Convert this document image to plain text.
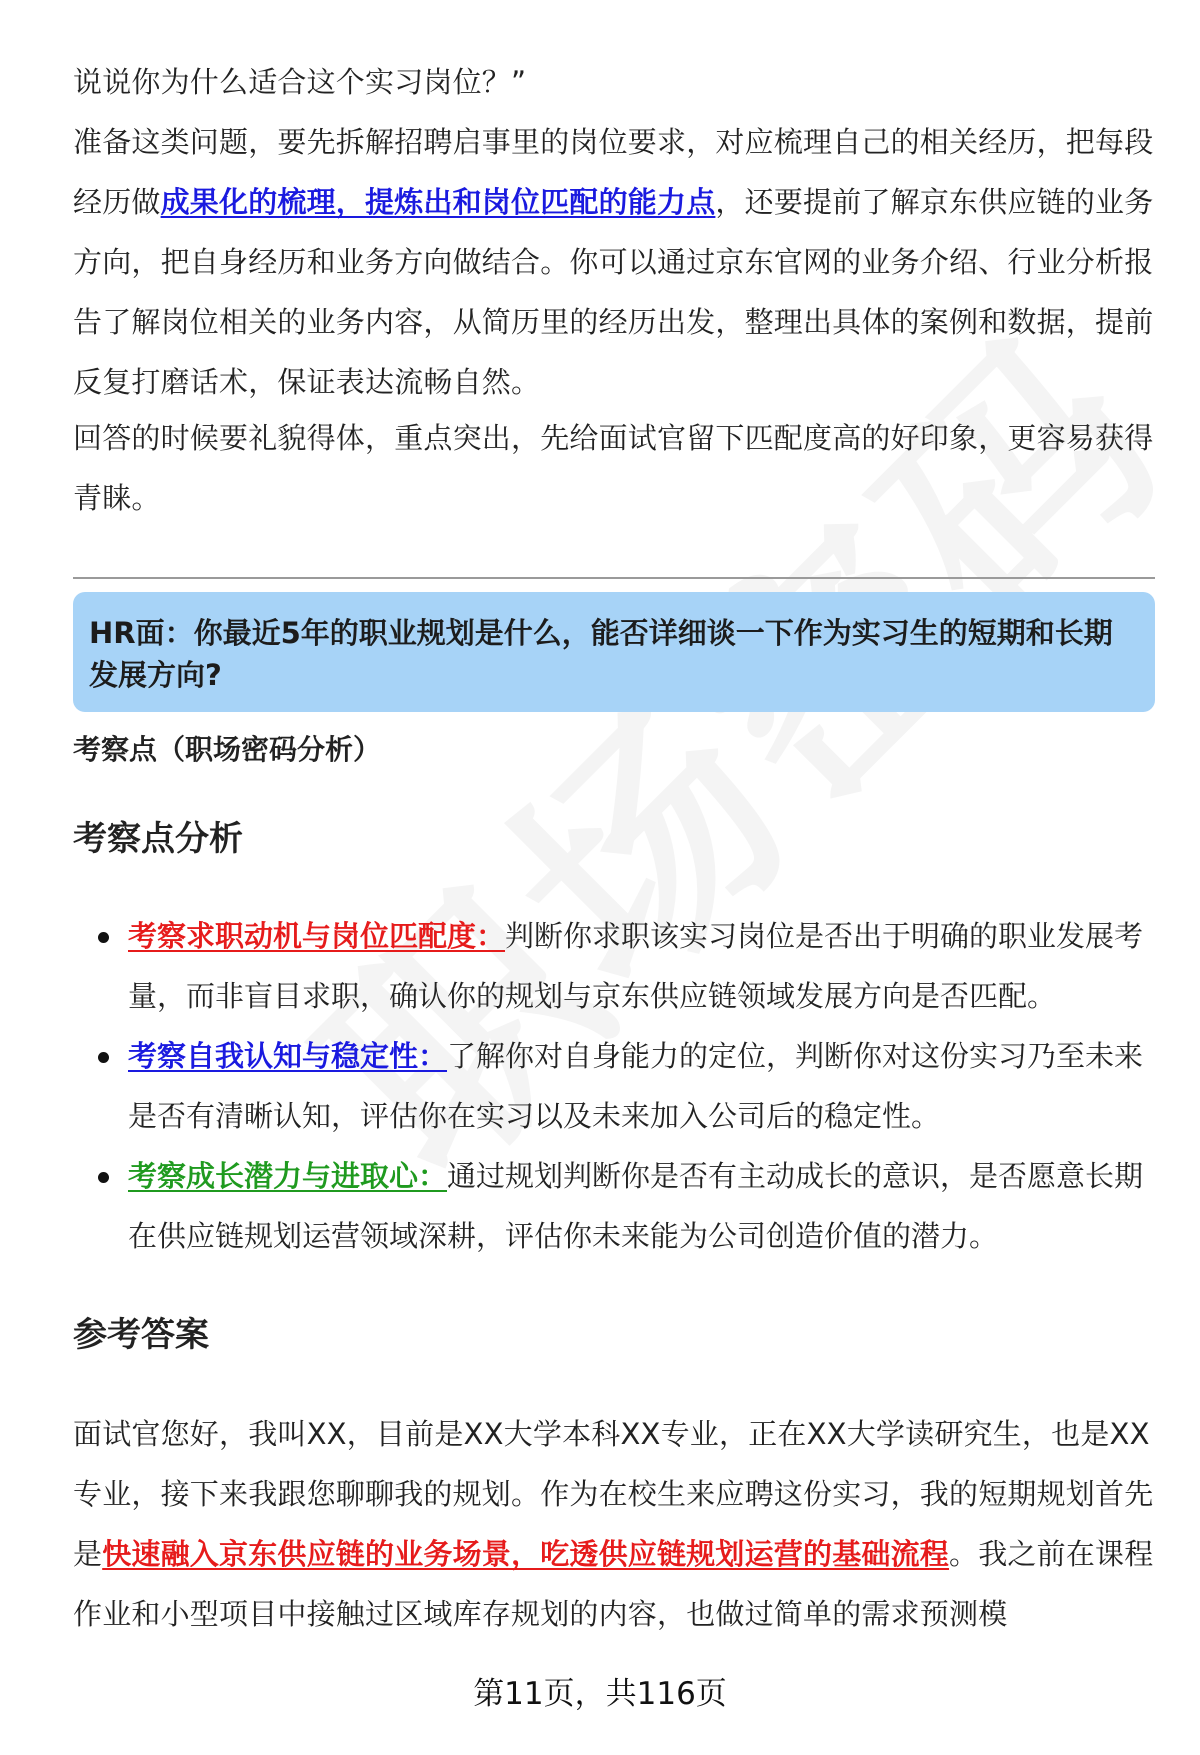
说说你为什么适合这个实习岗位？”

准备这类问题，要先拆解招聘启事里的岗位要求，对应梳理自己的相关经历，把每段经历做成果化的梳理，提炼出和岗位匹配的能力点，还要提前了解京东供应链的业务方向，把自身经历和业务方向做结合。你可以通过京东官网的业务介绍、行业分析报告了解岗位相关的业务内容，从简历里的经历出发，整理出具体的案例和数据，提前反复打磨话术，保证表达流畅自然。

回答的时候要礼貌得体，重点突出，先给面试官留下匹配度高的好印象，更容易获得青睐。

HR面：你最近5年的职业规划是什么，能否详细谈一下作为实习生的短期和长期发展方向?

考察点（职场密码分析）

考察点分析
考察求职动机与岗位匹配度：判断你求职该实习岗位是否出于明确的职业发展考量，而非盲目求职，确认你的规划与京东供应链领域发展方向是否匹配。
考察自我认知与稳定性：了解你对自身能力的定位，判断你对这份实习乃至未来是否有清晰认知，评估你在实习以及未来加入公司后的稳定性。
考察成长潜力与进取心：通过规划判断你是否有主动成长的意识，是否愿意长期在供应链规划运营领域深耕，评估你未来能为公司创造价值的潜力。
参考答案

面试官您好，我叫XX，目前是XX大学本科XX专业，正在XX大学读研究生，也是XX专业，接下来我跟您聊聊我的规划。作为在校生来应聘这份实习，我的短期规划首先是快速融入京东供应链的业务场景，吃透供应链规划运营的基础流程。我之前在课程作业和小型项目中接触过区域库存规划的内容，也做过简单的需求预测模

第11页，共116页
